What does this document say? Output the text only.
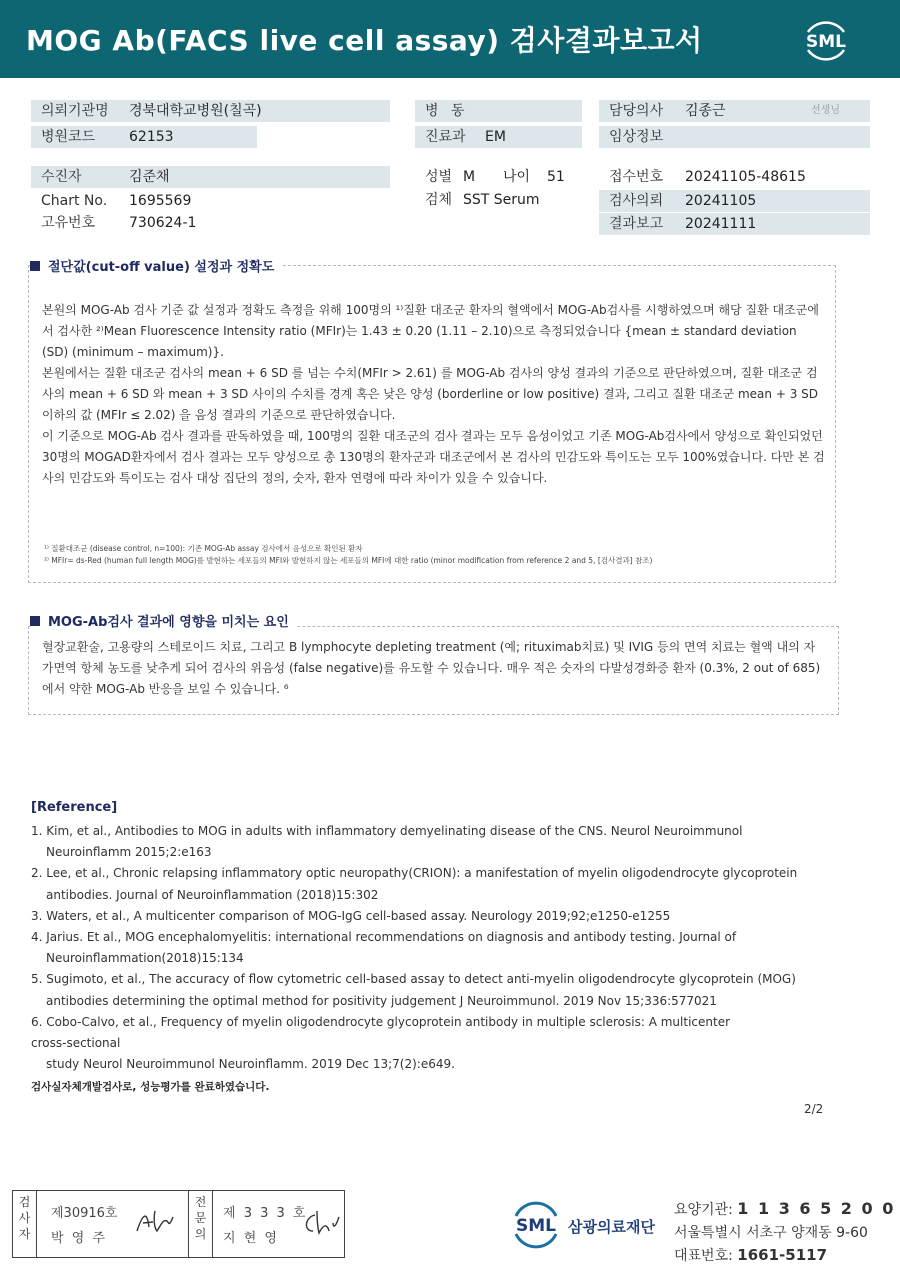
MOG Ab(FACS live cell assay) 검사결과보고서	SML
의뢰기관명 경북대학교병원(칠곡)
병원코드 62153
수진자	김준채
Chart No. 1695569
고유번호 730624-1
병 동
진료과 EM
성별 M 나이 51
검체 SST Serum
담당의사 김종근	선생님
임상정보
접수번호 20241105-48615
검사의뢰 20241105
결과보고 20241111
절단값(cut-off value) 설정과 정확도

본원의 MOG-Ab 검사 기준 값 설정과 정확도 측정을 위해 100명의 ¹⁾질환 대조군 환자의 혈액에서 MOG-Ab검사를 시행하였으며 해당 질환 대조군에서 검사한 ²⁾Mean Fluorescence Intensity ratio (MFIr)는 1.43 ± 0.20 (1.11 – 2.10)으로 측정되었습니다 {mean ± standard deviation (SD) (minimum – maximum)}.

본원에서는 질환 대조군 검사의 mean + 6 SD 를 넘는 수치(MFIr > 2.61) 를 MOG-Ab 검사의 양성 결과의 기준으로 판단하였으며, 질환 대조군 검사의 mean + 6 SD 와 mean + 3 SD 사이의 수치를 경계 혹은 낮은 양성 (borderline or low positive) 결과, 그리고 질환 대조군 mean + 3 SD 이하의 값 (MFIr ≤ 2.02) 을 음성 결과의 기준으로 판단하였습니다.

이 기준으로 MOG-Ab 검사 결과를 판독하였을 때, 100명의 질환 대조군의 검사 결과는 모두 음성이었고 기존 MOG-Ab검사에서 양성으로 확인되었던 30명의 MOGAD환자에서 검사 결과는 모두 양성으로 총 130명의 환자군과 대조군에서 본 검사의 민감도와 특이도는 모두 100%였습니다. 다만 본 검사의 민감도와 특이도는 검사 대상 집단의 정의, 숫자, 환자 연령에 따라 차이가 있을 수 있습니다.

¹⁾ 질환대조군 (disease control, n=100): 기존 MOG-Ab assay 검사에서 음성으로 확인된 환자
²⁾ MFIr= ds-Red (human full length MOG)를 발현하는 세포들의 MFI와 발현하지 않는 세포들의 MFI에 대한 ratio (minor modification from reference 2 and 5, [검사결과] 참조)
MOG-Ab검사 결과에 영향을 미치는 요인

혈장교환술, 고용량의 스테로이드 치료, 그리고 B lymphocyte depleting treatment (예; rituximab치료) 및 IVIG 등의 면역 치료는 혈액 내의 자가면역 항체 농도를 낮추게 되어 검사의 위음성 (false negative)를 유도할 수 있습니다. 매우 적은 숫자의 다발성경화증 환자 (0.3%, 2 out of 685)에서 약한 MOG-Ab 반응을 보일 수 있습니다. ⁶

[Reference]
1. Kim, et al., Antibodies to MOG in adults with inflammatory demyelinating disease of the CNS. Neurol Neuroimmunol
Neuroinflamm 2015;2:e163
2. Lee, et al., Chronic relapsing inflammatory optic neuropathy(CRION): a manifestation of myelin oligodendrocyte glycoprotein
antibodies. Journal of Neuroinflammation (2018)15:302
3. Waters, et al., A multicenter comparison of MOG-IgG cell-based assay. Neurology 2019;92;e1250-e1255
4. Jarius. Et al., MOG encephalomyelitis: international recommendations on diagnosis and antibody testing. Journal of
Neuroinflammation(2018)15:134
5. Sugimoto, et al., The accuracy of flow cytometric cell-based assay to detect anti-myelin oligodendrocyte glycoprotein (MOG)
antibodies determining the optimal method for positivity judgement J Neuroimmunol. 2019 Nov 15;336:577021
6. Cobo-Calvo, et al., Frequency of myelin oligodendrocyte glycoprotein antibody in multiple sclerosis: A multicenter
cross-sectional

study Neurol Neuroimmunol Neuroinflamm. 2019 Dec 13;7(2):e649.
검사실자체개발검사로, 성능평가를 완료하였습니다.
2/2
검
사
자
제30916호
박 영 주
전
문
의
제 3 3 3 호
지 현 영
SML 삼광의료재단
요양기관: 1 1 3 6 5 2 0 0
서울특별시 서초구 양재동 9-60
대표번호: 1661-5117
